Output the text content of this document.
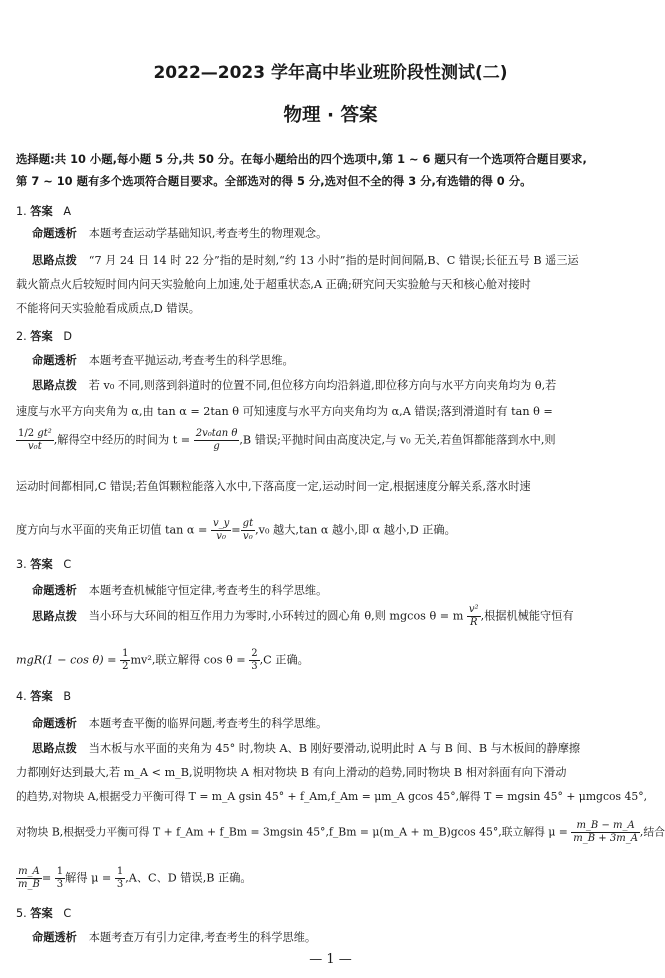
2022—2023 学年高中毕业班阶段性测试(二)
物理 · 答案
选择题:共 10 小题,每小题 5 分,共 50 分。在每小题给出的四个选项中,第 1 ~ 6 题只有一个选项符合题目要求,
第 7 ~ 10 题有多个选项符合题目要求。全部选对的得 5 分,选对但不全的得 3 分,有选错的得 0 分。
1. 答案 A
命题透析 本题考查运动学基础知识,考查考生的物理观念。
思路点拨 “7 月 24 日 14 时 22 分”指的是时刻,“约 13 小时”指的是时间间隔,B、C 错误;长征五号 B 遥三运
载火箭点火后较短时间内问天实验舱向上加速,处于超重状态,A 正确;研究问天实验舱与天和核心舱对接时
不能将问天实验舱看成质点,D 错误。
2. 答案 D
命题透析 本题考查平抛运动,考查考生的科学思维。
思路点拨 若 v₀ 不同,则落到斜道时的位置不同,但位移方向均沿斜道,即位移方向与水平方向夹角均为 θ,若
速度与水平方向夹角为 α,由 tan α = 2tan θ 可知速度与水平方向夹角均为 α,A 错误;落到滑道时有 tan θ =
$\frac{\text{1/2 gt²}}{\text{v₀t}}$ ,解得空中经历的时间为 $t = \frac{\text{2v₀tan θ}}{g} ,B$ 错误;平抛时间由高度决定,与 v₀ 无关,若鱼饵都能落到水中,则
运动时间都相同,C 错误;若鱼饵颗粒能落入水中,下落高度一定,运动时间一定,根据速度分解关系,落水时速
度方向与水平面的夹角正切值 $\tan \alpha = \frac{v\_y}{\text{v₀}} = \frac{gt}{\text{v₀}} ,v_0$ 越大,tan α 越小,即 α 越小,D 正确。
3. 答案 C
命题透析 本题考查机械能守恒定律,考查考生的科学思维。
思路点拨 当小环与大环间的相互作用力为零时,小环转过的圆心角 θ,则 mgcos θ = m $\frac{\text{v²}}{R}$ ,根据机械能守恒有
$mgR(1 - \cos \theta) = \frac{1}{2} mv^2$,联立解得 $\cos \theta = \frac{2}{3} ,C$ 正确。
4. 答案 B
命题透析 本题考查平衡的临界问题,考查考生的科学思维。
思路点拨 当木板与水平面的夹角为 45° 时,物块 A、B 刚好要滑动,说明此时 A 与 B 间、B 与木板间的静摩擦
力都刚好达到最大,若 m_A < m_B,说明物块 A 相对物块 B 有向上滑动的趋势,同时物块 B 相对斜面有向下滑动
的趋势,对物块 A,根据受力平衡可得 T = m_A gsin 45° + f_Am,f_Am = μm_A gcos 45°,解得 T = mgsin 45° + μmgcos 45°,
对物块 B,根据受力平衡可得 T + f_Am + f_Bm = 3mgsin 45°,f_Bm = μ(m_A + m_B)gcos 45°,联立解得 $\mu = \frac{m\_B - m\_A}{m\_B + 3m\_A}$ ,结合
$\frac{m\_A}{m\_B} = \frac{1}{3}$ 解得 $\mu = \frac{1}{3} ,A$、C、D 错误,B 正确。
5. 答案 C
命题透析 本题考查万有引力定律,考查考生的科学思维。
— 1 —
